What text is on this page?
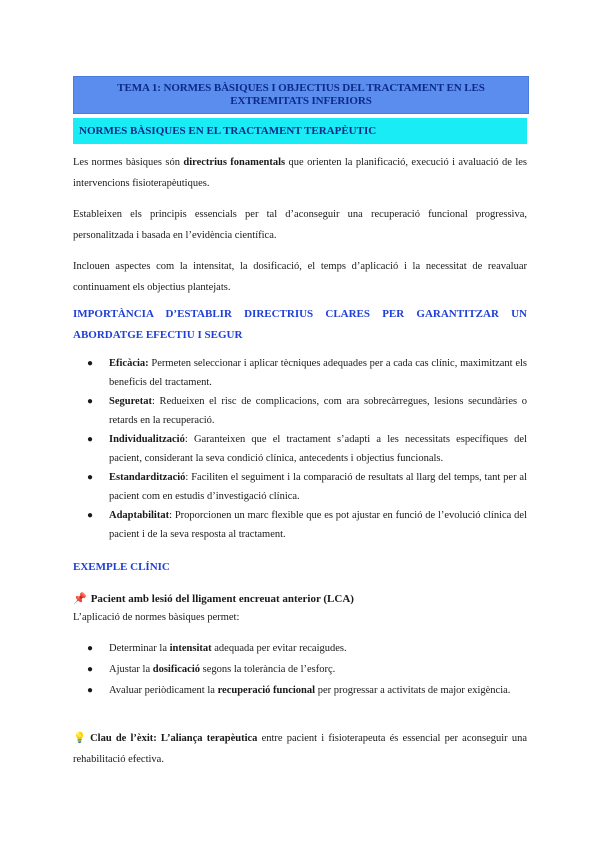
TEMA 1: NORMES BÀSIQUES I OBJECTIUS DEL TRACTAMENT EN LES EXTREMITATS INFERIORS
NORMES BÀSIQUES EN EL TRACTAMENT TERAPÈUTIC
Les normes bàsiques són directrius fonamentals que orienten la planificació, execució i avaluació de les intervencions fisioterapèutiques.
Estableixen els principis essencials per tal d’aconseguir una recuperació funcional progressiva, personalitzada i basada en l’evidència científica.
Inclouen aspectes com la intensitat, la dosificació, el temps d’aplicació i la necessitat de reavaluar continuament els objectius plantejats.
IMPORTÀNCIA D’ESTABLIR DIRECTRIUS CLARES PER GARANTITZAR UN ABORDATGE EFECTIU I SEGUR
● Eficàcia: Permeten seleccionar i aplicar tècniques adequades per a cada cas clínic, maximitzant els beneficis del tractament.
● Seguretat: Redueixen el risc de complicacions, com ara sobrecàrregues, lesions secundàries o retards en la recuperació.
● Individualització: Garanteixen que el tractament s’adapti a les necessitats específiques del pacient, considerant la seva condició clínica, antecedents i objectius funcionals.
● Estandardització: Faciliten el seguiment i la comparació de resultats al llarg del temps, tant per al pacient com en estudis d’investigació clínica.
● Adaptabilitat: Proporcionen un marc flexible que es pot ajustar en funció de l’evolució clínica del pacient i de la seva resposta al tractament.
EXEMPLE CLÍNIC
📌 Pacient amb lesió del lligament encreuat anterior (LCA)
L’aplicació de normes bàsiques permet:
● Determinar la intensitat adequada per evitar recaigudes.
● Ajustar la dosificació segons la tolerància de l’esforç.
● Avaluar periòdicament la recuperació funcional per progressar a activitats de major exigència.
💡 Clau de l’èxit: L’aliança terapèutica entre pacient i fisioterapeuta és essencial per aconseguir una rehabilitació efectiva.
